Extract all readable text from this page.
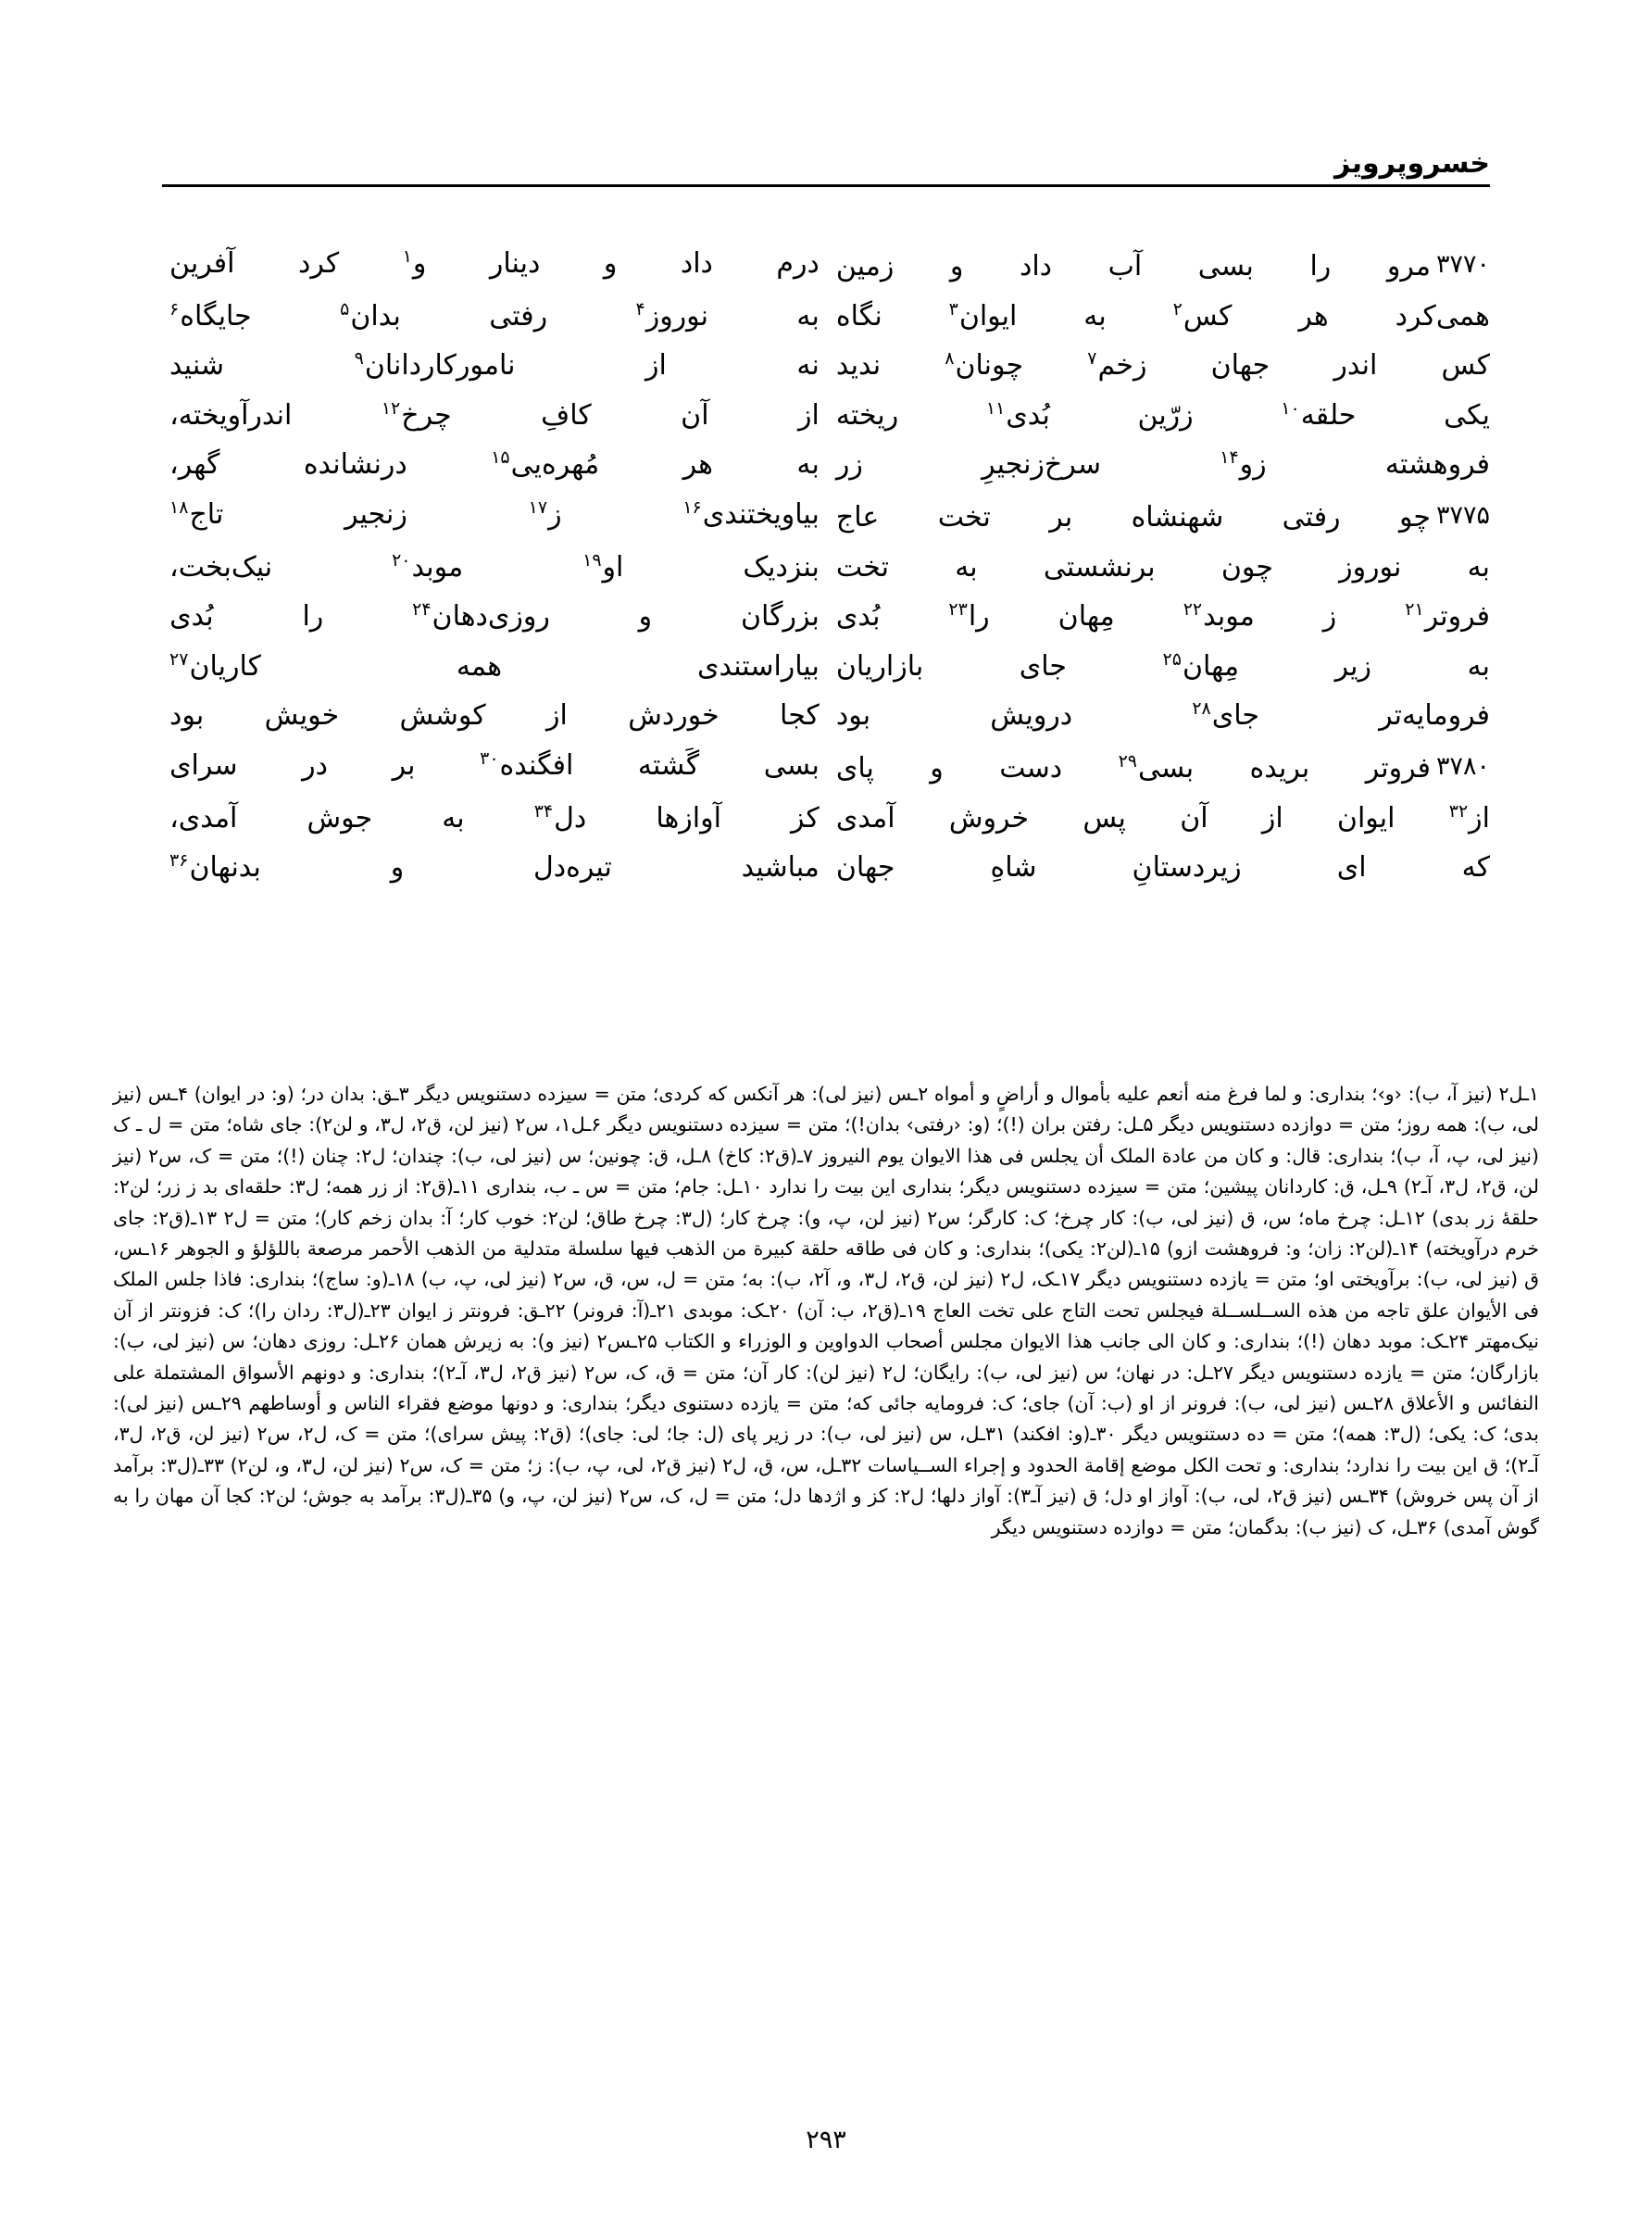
خسروپرویز
۳۷۷۰
مرو
را
بسی
آب
داد
و
زمین
درم
داد
و
دینار
و$^۱$
کرد
آفرین
همی‌کرد
هر
کس$^۲$
به
ایوان$^۳$
نگاه
به
نوروز$^۴$
رفتی
بدان$^۵$
جایگاه$^۶$
کس
اندر
جهان
زخم$^۷$
چونان$^۸$
ندید
نه
از
نامورکاردانان$^۹$
شنید
یکی
حلقه$^{۱۰}$
زرّین
بُدی$^{۱۱}$
ریخته
از
آن
کافِ
چرخ$^{۱۲}$
اندرآویخته،
فروهشته
زو$^{۱۴}$
سرخ‌زنجیرِ
زر
به
هر
مُهره‌یی$^{۱۵}$
درنشانده
گهر،
۳۷۷۵
چو
رفتی
شهنشاه
بر
تخت
عاج
بیاویختندی$^{۱۶}$
ز$^{۱۷}$
زنجیر
تاج$^{۱۸}$
به
نوروز
چون
برنشستی
به
تخت
بنزدیک
او$^{۱۹}$
موبد$^{۲۰}$
نیک‌بخت،
فروتر$^{۲۱}$
ز
موبد$^{۲۲}$
مِهان
را$^{۲۳}$
بُدی
بزرگان
و
روزی‌دهان$^{۲۴}$
را
بُدی
به
زیر
مِهان$^{۲۵}$
جای
بازاریان
بیاراستندی
همه
کاریان$^{۲۷}$
فرومایه‌تر
جای$^{۲۸}$
درویش
بود
کجا
خوردش
از
کوشش
خویش
بود
۳۷۸۰
فروتر
بریده
بسی$^{۲۹}$
دست
و
پای
بسی
گَشته
افگنده$^{۳۰}$
بر
در
سرای
از$^{۳۲}$
ایوان
از
آن
پس
خروش
آمدی
کز
آوازها
دل$^{۳۴}$
به
جوش
آمدی،
که
ای
زیردستانِ
شاهِ
جهان
مباشید
تیره‌دل
و
بدنهان$^{۳۶}$

۱ـل۲ (نیز آ، ب): ‹و›؛ بنداری: و لما فرغ منه أنعم علیه بأموال و أراضٍ و أمواه ۲ـس (نیز لی): هر آنکس که کردی؛ متن = سیزده دستنویس دیگر ۳ـق: بدان در؛ (و: در ایوان) ۴ـس (نیز لی، ب): همه روز؛ متن = دوازده دستنویس دیگر ۵ـل: رفتن بران (!)؛ (و: ‹رفتی› بدان!)؛ متن = سیزده دستنویس دیگر ۶ـل۱، س۲ (نیز لن، ق۲، ل۳، و لن۲): جای شاه؛ متن = ل ـ ک (نیز لی، پ، آ، ب)؛ بنداری: قال: و کان من عادة الملک أن یجلس فی هذا الایوان یوم النیروز ۷ـ(ق۲: کاخ) ۸ـل، ق: چونین؛ س (نیز لی، ب): چندان؛ ل۲: چنان (!)؛ متن = ک، س۲ (نیز لن، ق۲، ل۳، آـ۲) ۹ـل، ق: کاردانان پیشین؛ متن = سیزده دستنویس دیگر؛ بنداری این بیت را ندارد ۱۰ـل: جام؛ متن = س ـ ب، بنداری ۱۱ـ(ق۲: از زر همه؛ ل۳: حلقه‌ای بد ز زر؛ لن۲: حلقهٔ زر بدی) ۱۲ـل: چرخ ماه؛ س، ق (نیز لی، ب): کار چرخ؛ ک: کارگر؛ س۲ (نیز لن، پ، و): چرخ کار؛ (ل۳: چرخ طاق؛ لن۲: خوب کار؛ آ: بدان زخم کار)؛ متن = ل۲ ۱۳ـ(ق۲: جای خرم درآویخته) ۱۴ـ(لن۲: زان؛ و: فروهشت ازو) ۱۵ـ(لن۲: یکی)؛ بنداری: و کان فی طاقه حلقة کبیرة من الذهب فیها سلسلة متدلیة من الذهب الأحمر مرصعة باللؤلؤ و الجوهر ۱۶ـس، ق (نیز لی، ب): برآویختی او؛ متن = یازده دستنویس دیگر ۱۷ـک، ل۲ (نیز لن، ق۲، ل۳، و، آ۲، ب): به؛ متن = ل، س، ق، س۲ (نیز لی، پ، ب) ۱۸ـ(و: ساج)؛ بنداری: فاذا جلس الملک فی الأیوان علق تاجه من هذه الســلســلة فیجلس تحت التاج علی تخت العاج ۱۹ـ(ق۲، ب: آن) ۲۰ـک: موبدی ۲۱ـ(آ: فرونر) ۲۲ـق: فرونتر ز ایوان ۲۳ـ(ل۳: ردان را)؛ ک: فزونتر از آن نیک‌مهتر ۲۴ـک: موبد دهان (!)؛ بنداری: و کان الی جانب هذا الایوان مجلس أصحاب الدواوین و الوزراء و الکتاب ۲۵ـس۲ (نیز و): به زیرش همان ۲۶ـل: روزی دهان؛ س (نیز لی، ب): بازارگان؛ متن = یازده دستنویس دیگر ۲۷ـل: در نهان؛ س (نیز لی، ب): رایگان؛ ل۲ (نیز لن): کار آن؛ متن = ق، ک، س۲ (نیز ق۲، ل۳، آـ۲)؛ بنداری: و دونهم الأسواق المشتملة علی النفائس و الأعلاق ۲۸ـس (نیز لی، ب): فرونر از او (ب: آن) جای؛ ک: فرومایه جائی که؛ متن = یازده دستنوی دیگر؛ بنداری: و دونها موضع فقراء الناس و أوساطهم ۲۹ـس (نیز لی): بدی؛ ک: یکی؛ (ل۳: همه)؛ متن = ده دستنویس دیگر ۳۰ـ(و: افکند) ۳۱ـل، س (نیز لی، ب): در زیر پای (ل: جا؛ لی: جای)؛ (ق۲: پیش سرای)؛ متن = ک، ل۲، س۲ (نیز لن، ق۲، ل۳، آـ۲)؛ ق این بیت را ندارد؛ بنداری: و تحت الکل موضع إقامة الحدود و إجراء الســیاسات ۳۲ـل، س، ق، ل۲ (نیز ق۲، لی، پ، ب): ز؛ متن = ک، س۲ (نیز لن، ل۳، و، لن۲) ۳۳ـ(ل۳: برآمد از آن پس خروش) ۳۴ـس (نیز ق۲، لی، ب): آواز او دل؛ ق (نیز آـ۳): آواز دلها؛ ل۲: کز و اژدها دل؛ متن = ل، ک، س۲ (نیز لن، پ، و) ۳۵ـ(ل۳: برآمد به جوش؛ لن۲: کجا آن مهان را به گوش آمدی) ۳۶ـل، ک (نیز ب): بدگمان؛ متن = دوازده دستنویس دیگر

۲۹۳
